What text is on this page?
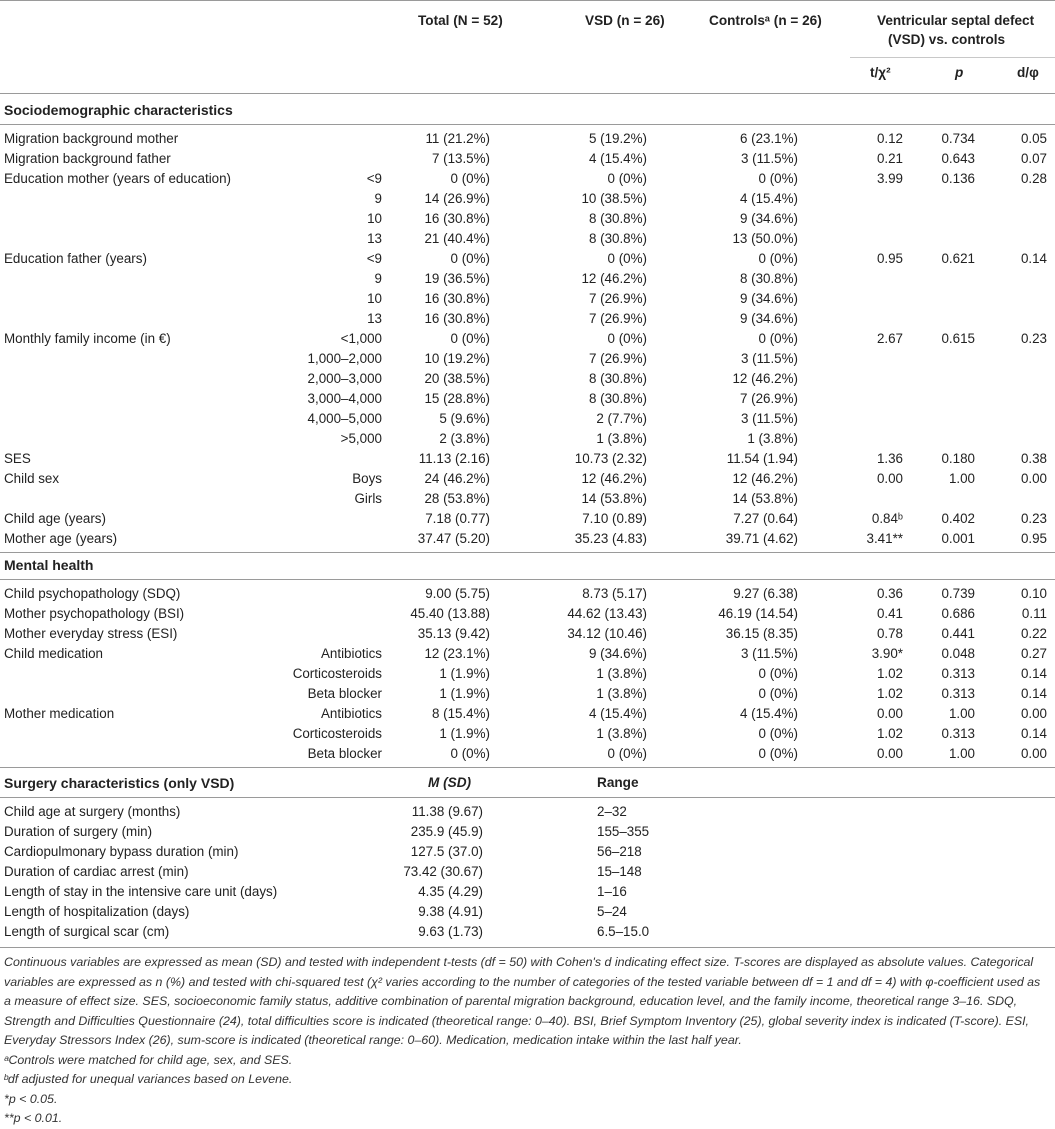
Total (N = 52)	VSD (n = 26)	Controlsᵃ (n = 26)	Ventricular septal defect
(VSD) vs. controls
t/χ²	p	d/φ
Sociodemographic characteristics
Migration background mother	11 (21.2%)	5 (19.2%)	6 (23.1%)	0.12	0.734	0.05
Migration background father	7 (13.5%)	4 (15.4%)	3 (11.5%)	0.21	0.643	0.07
Education mother (years of education)	<9	0 (0%)	0 (0%)	0 (0%)	3.99	0.136	0.28
9	14 (26.9%)	10 (38.5%)	4 (15.4%)
10	16 (30.8%)	8 (30.8%)	9 (34.6%)
13	21 (40.4%)	8 (30.8%)	13 (50.0%)
Education father (years)	<9	0 (0%)	0 (0%)	0 (0%)	0.95	0.621	0.14
9	19 (36.5%)	12 (46.2%)	8 (30.8%)
10	16 (30.8%)	7 (26.9%)	9 (34.6%)
13	16 (30.8%)	7 (26.9%)	9 (34.6%)
Monthly family income (in €)	<1,000	0 (0%)	0 (0%)	0 (0%)	2.67	0.615	0.23
1,000–2,000	10 (19.2%)	7 (26.9%)	3 (11.5%)
2,000–3,000	20 (38.5%)	8 (30.8%)	12 (46.2%)
3,000–4,000	15 (28.8%)	8 (30.8%)	7 (26.9%)
4,000–5,000	5 (9.6%)	2 (7.7%)	3 (11.5%)
>5,000	2 (3.8%)	1 (3.8%)	1 (3.8%)
SES	11.13 (2.16)	10.73 (2.32)	11.54 (1.94)	1.36	0.180	0.38
Child sex	Boys	24 (46.2%)	12 (46.2%)	12 (46.2%)	0.00	1.00	0.00
Girls	28 (53.8%)	14 (53.8%)	14 (53.8%)
Child age (years)	7.18 (0.77)	7.10 (0.89)	7.27 (0.64)	0.84ᵇ	0.402	0.23
Mother age (years)	37.47 (5.20)	35.23 (4.83)	39.71 (4.62)	3.41**	0.001	0.95
Mental health
Child psychopathology (SDQ)	9.00 (5.75)	8.73 (5.17)	9.27 (6.38)	0.36	0.739	0.10
Mother psychopathology (BSI)	45.40 (13.88)	44.62 (13.43)	46.19 (14.54)	0.41	0.686	0.11
Mother everyday stress (ESI)	35.13 (9.42)	34.12 (10.46)	36.15 (8.35)	0.78	0.441	0.22
Child medication	Antibiotics	12 (23.1%)	9 (34.6%)	3 (11.5%)	3.90*	0.048	0.27
Corticosteroids	1 (1.9%)	1 (3.8%)	0 (0%)	1.02	0.313	0.14
Beta blocker	1 (1.9%)	1 (3.8%)	0 (0%)	1.02	0.313	0.14
Mother medication	Antibiotics	8 (15.4%)	4 (15.4%)	4 (15.4%)	0.00	1.00	0.00
Corticosteroids	1 (1.9%)	1 (3.8%)	0 (0%)	1.02	0.313	0.14
Beta blocker	0 (0%)	0 (0%)	0 (0%)	0.00	1.00	0.00
Surgery characteristics (only VSD)	M (SD)	Range
Child age at surgery (months)	11.38 (9.67)	2–32
Duration of surgery (min)	235.9 (45.9)	155–355
Cardiopulmonary bypass duration (min)	127.5 (37.0)	56–218
Duration of cardiac arrest (min)	73.42 (30.67)	15–148
Length of stay in the intensive care unit (days)	4.35 (4.29)	1–16
Length of hospitalization (days)	9.38 (4.91)	5–24
Length of surgical scar (cm)	9.63 (1.73)	6.5–15.0

Continuous variables are expressed as mean (SD) and tested with independent t-tests (df = 50) with Cohen's d indicating effect size. T-scores are displayed as absolute values. Categorical variables are expressed as n (%) and tested with chi-squared test (χ² varies according to the number of categories of the tested variable between df = 1 and df = 4) with φ-coefficient used as a measure of effect size. SES, socioeconomic family status, additive combination of parental migration background, education level, and the family income, theoretical range 3–16. SDQ, Strength and Difficulties Questionnaire (24), total difficulties score is indicated (theoretical range: 0–40). BSI, Brief Symptom Inventory (25), global severity index is indicated (T-score). ESI, Everyday Stressors Index (26), sum-score is indicated (theoretical range: 0–60). Medication, medication intake within the last half year.

ᵃControls were matched for child age, sex, and SES.

ᵇdf adjusted for unequal variances based on Levene.

*p < 0.05.

**p < 0.01.
